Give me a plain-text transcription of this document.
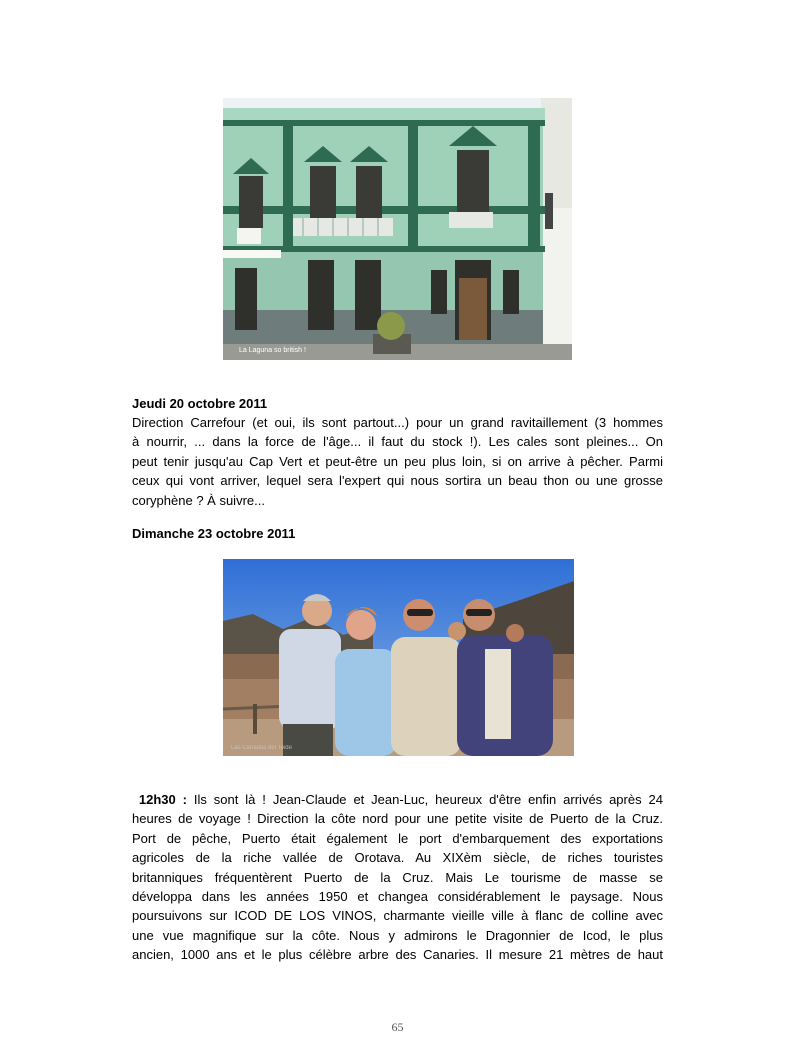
La Laguna so british !
Jeudi 20 octobre 2011
Direction Carrefour (et oui, ils sont partout...) pour un grand ravitaillement (3 hommes
à nourrir, ... dans la force de l'âge... il faut du stock !). Les cales sont pleines... On
peut tenir jusqu'au Cap Vert et peut-être un peu plus loin, si on arrive à pêcher. Parmi
ceux qui vont arriver, lequel sera l'expert qui nous sortira un beau thon ou une grosse
coryphène ? À suivre...
Dimanche 23 octobre 2011
Las Cañadas del Teide
12h30 : Ils sont là ! Jean-Claude et Jean-Luc, heureux d'être enfin arrivés après 24
heures de voyage ! Direction la côte nord pour une petite visite de Puerto de la Cruz.
Port de pêche, Puerto était également le port d'embarquement des exportations
agricoles de la riche vallée de Orotava. Au XIXèm siècle, de riches touristes
britanniques fréquentèrent Puerto de la Cruz. Mais Le tourisme de masse se
développa dans les années 1950 et changea considérablement le paysage. Nous
poursuivons sur ICOD DE LOS VINOS, charmante vieille ville à flanc de colline avec
une vue magnifique sur la côte. Nous y admirons le Dragonnier de Icod, le plus
ancien, 1000 ans et le plus célèbre arbre des Canaries. Il mesure 21 mètres de haut
65
